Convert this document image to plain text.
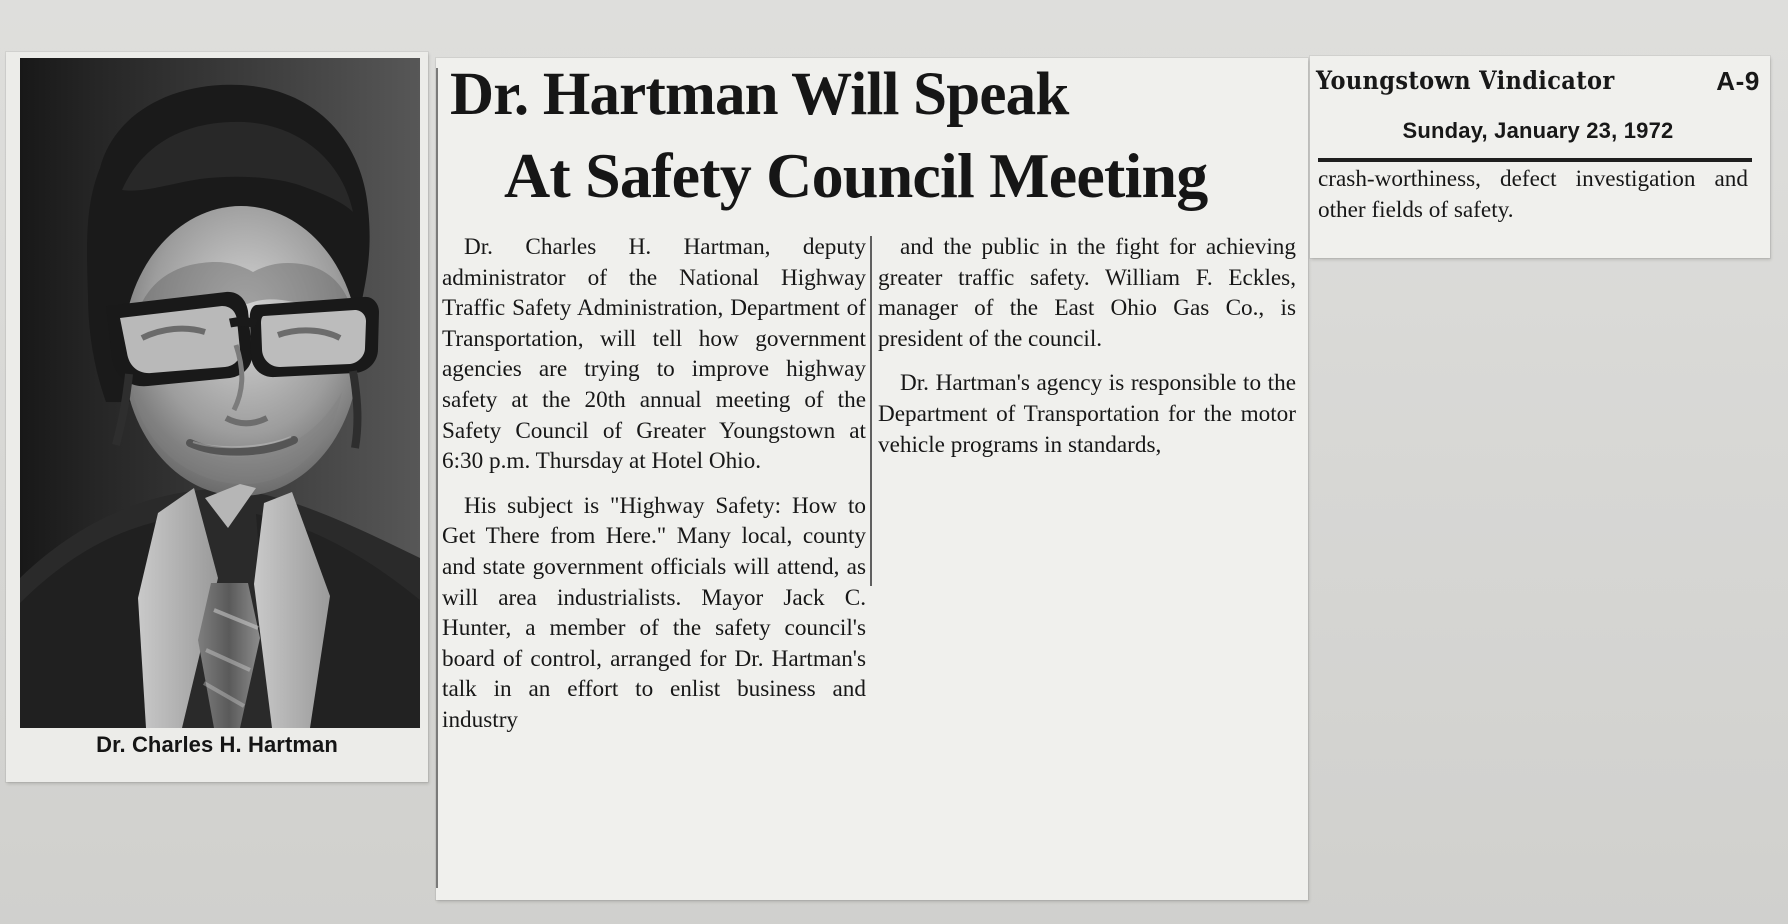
Dr. Charles H. Hartman
Dr. Hartman Will Speak
At Safety Council Meeting

Dr. Charles H. Hartman, deputy administrator of the National Highway Traffic Safety Administration, Department of Transportation, will tell how government agencies are trying to improve highway safety at the 20th annual meeting of the Safety Council of Greater Youngstown at 6:30 p.m. Thursday at Hotel Ohio.

His subject is "Highway Safety: How to Get There from Here." Many local, county and state government officials will attend, as will area industrialists. Mayor Jack C. Hunter, a member of the safety council's board of control, arranged for Dr. Hartman's talk in an effort to enlist business and industry

and the public in the fight for achieving greater traffic safety. William F. Eckles, manager of the East Ohio Gas Co., is president of the council.

Dr. Hartman's agency is responsible to the Department of Transportation for the motor vehicle programs in standards,

Youngstown Vindicator	A-9
Sunday, January 23, 1972

crash-worthiness, defect investigation and other fields of safety.
